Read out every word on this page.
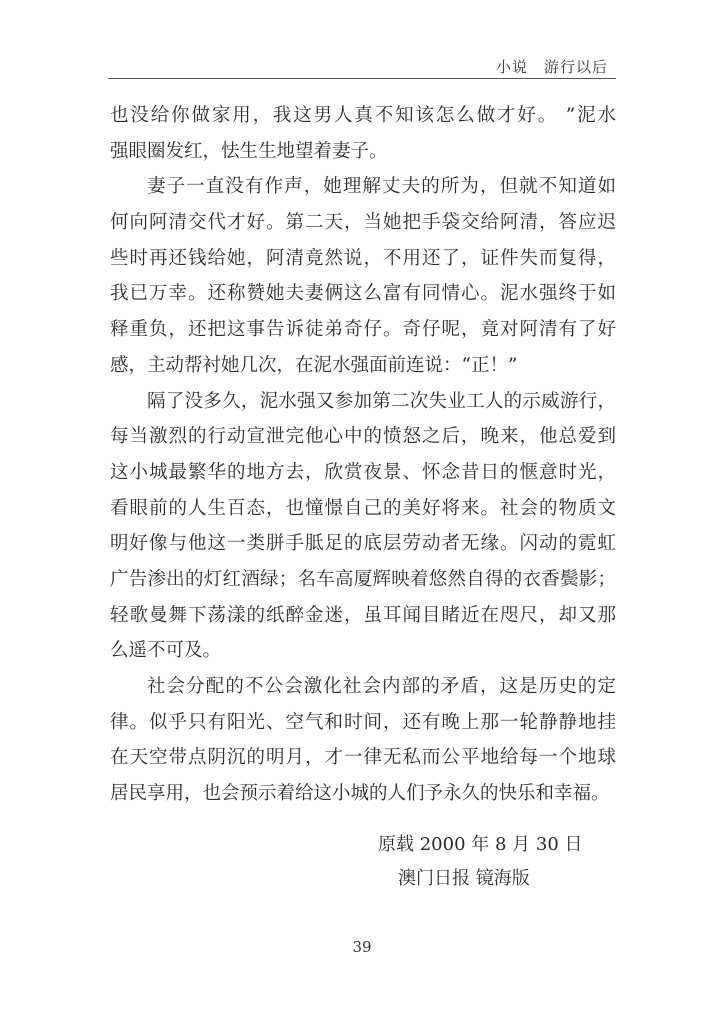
小说 游行以后
也没给你做家用，我这男人真不知该怎么做才好。 ”泥水
强眼圈发红，怯生生地望着妻子。
妻子一直没有作声，她理解丈夫的所为，但就不知道如
何向阿清交代才好。第二天，当她把手袋交给阿清，答应迟
些时再还钱给她，阿清竟然说，不用还了，证件失而复得，
我已万幸。还称赞她夫妻俩这么富有同情心。泥水强终于如
释重负，还把这事告诉徒弟奇仔。奇仔呢，竟对阿清有了好
感，主动帮衬她几次，在泥水强面前连说：“正！”
隔了没多久，泥水强又参加第二次失业工人的示威游行，
每当激烈的行动宣泄完他心中的愤怒之后，晚来，他总爱到
这小城最繁华的地方去，欣赏夜景、怀念昔日的惬意时光，
看眼前的人生百态，也憧憬自己的美好将来。社会的物质文
明好像与他这一类胼手胝足的底层劳动者无缘。闪动的霓虹
广告渗出的灯红酒绿；名车高厦辉映着悠然自得的衣香鬓影；
轻歌曼舞下荡漾的纸醉金迷，虽耳闻目睹近在咫尺，却又那
么遥不可及。
社会分配的不公会激化社会内部的矛盾，这是历史的定
律。似乎只有阳光、空气和时间，还有晚上那一轮静静地挂
在天空带点阴沉的明月，才一律无私而公平地给每一个地球
居民享用，也会预示着给这小城的人们予永久的快乐和幸福。
原载 2000 年 8 月 30 日
澳门日报 镜海版
39
